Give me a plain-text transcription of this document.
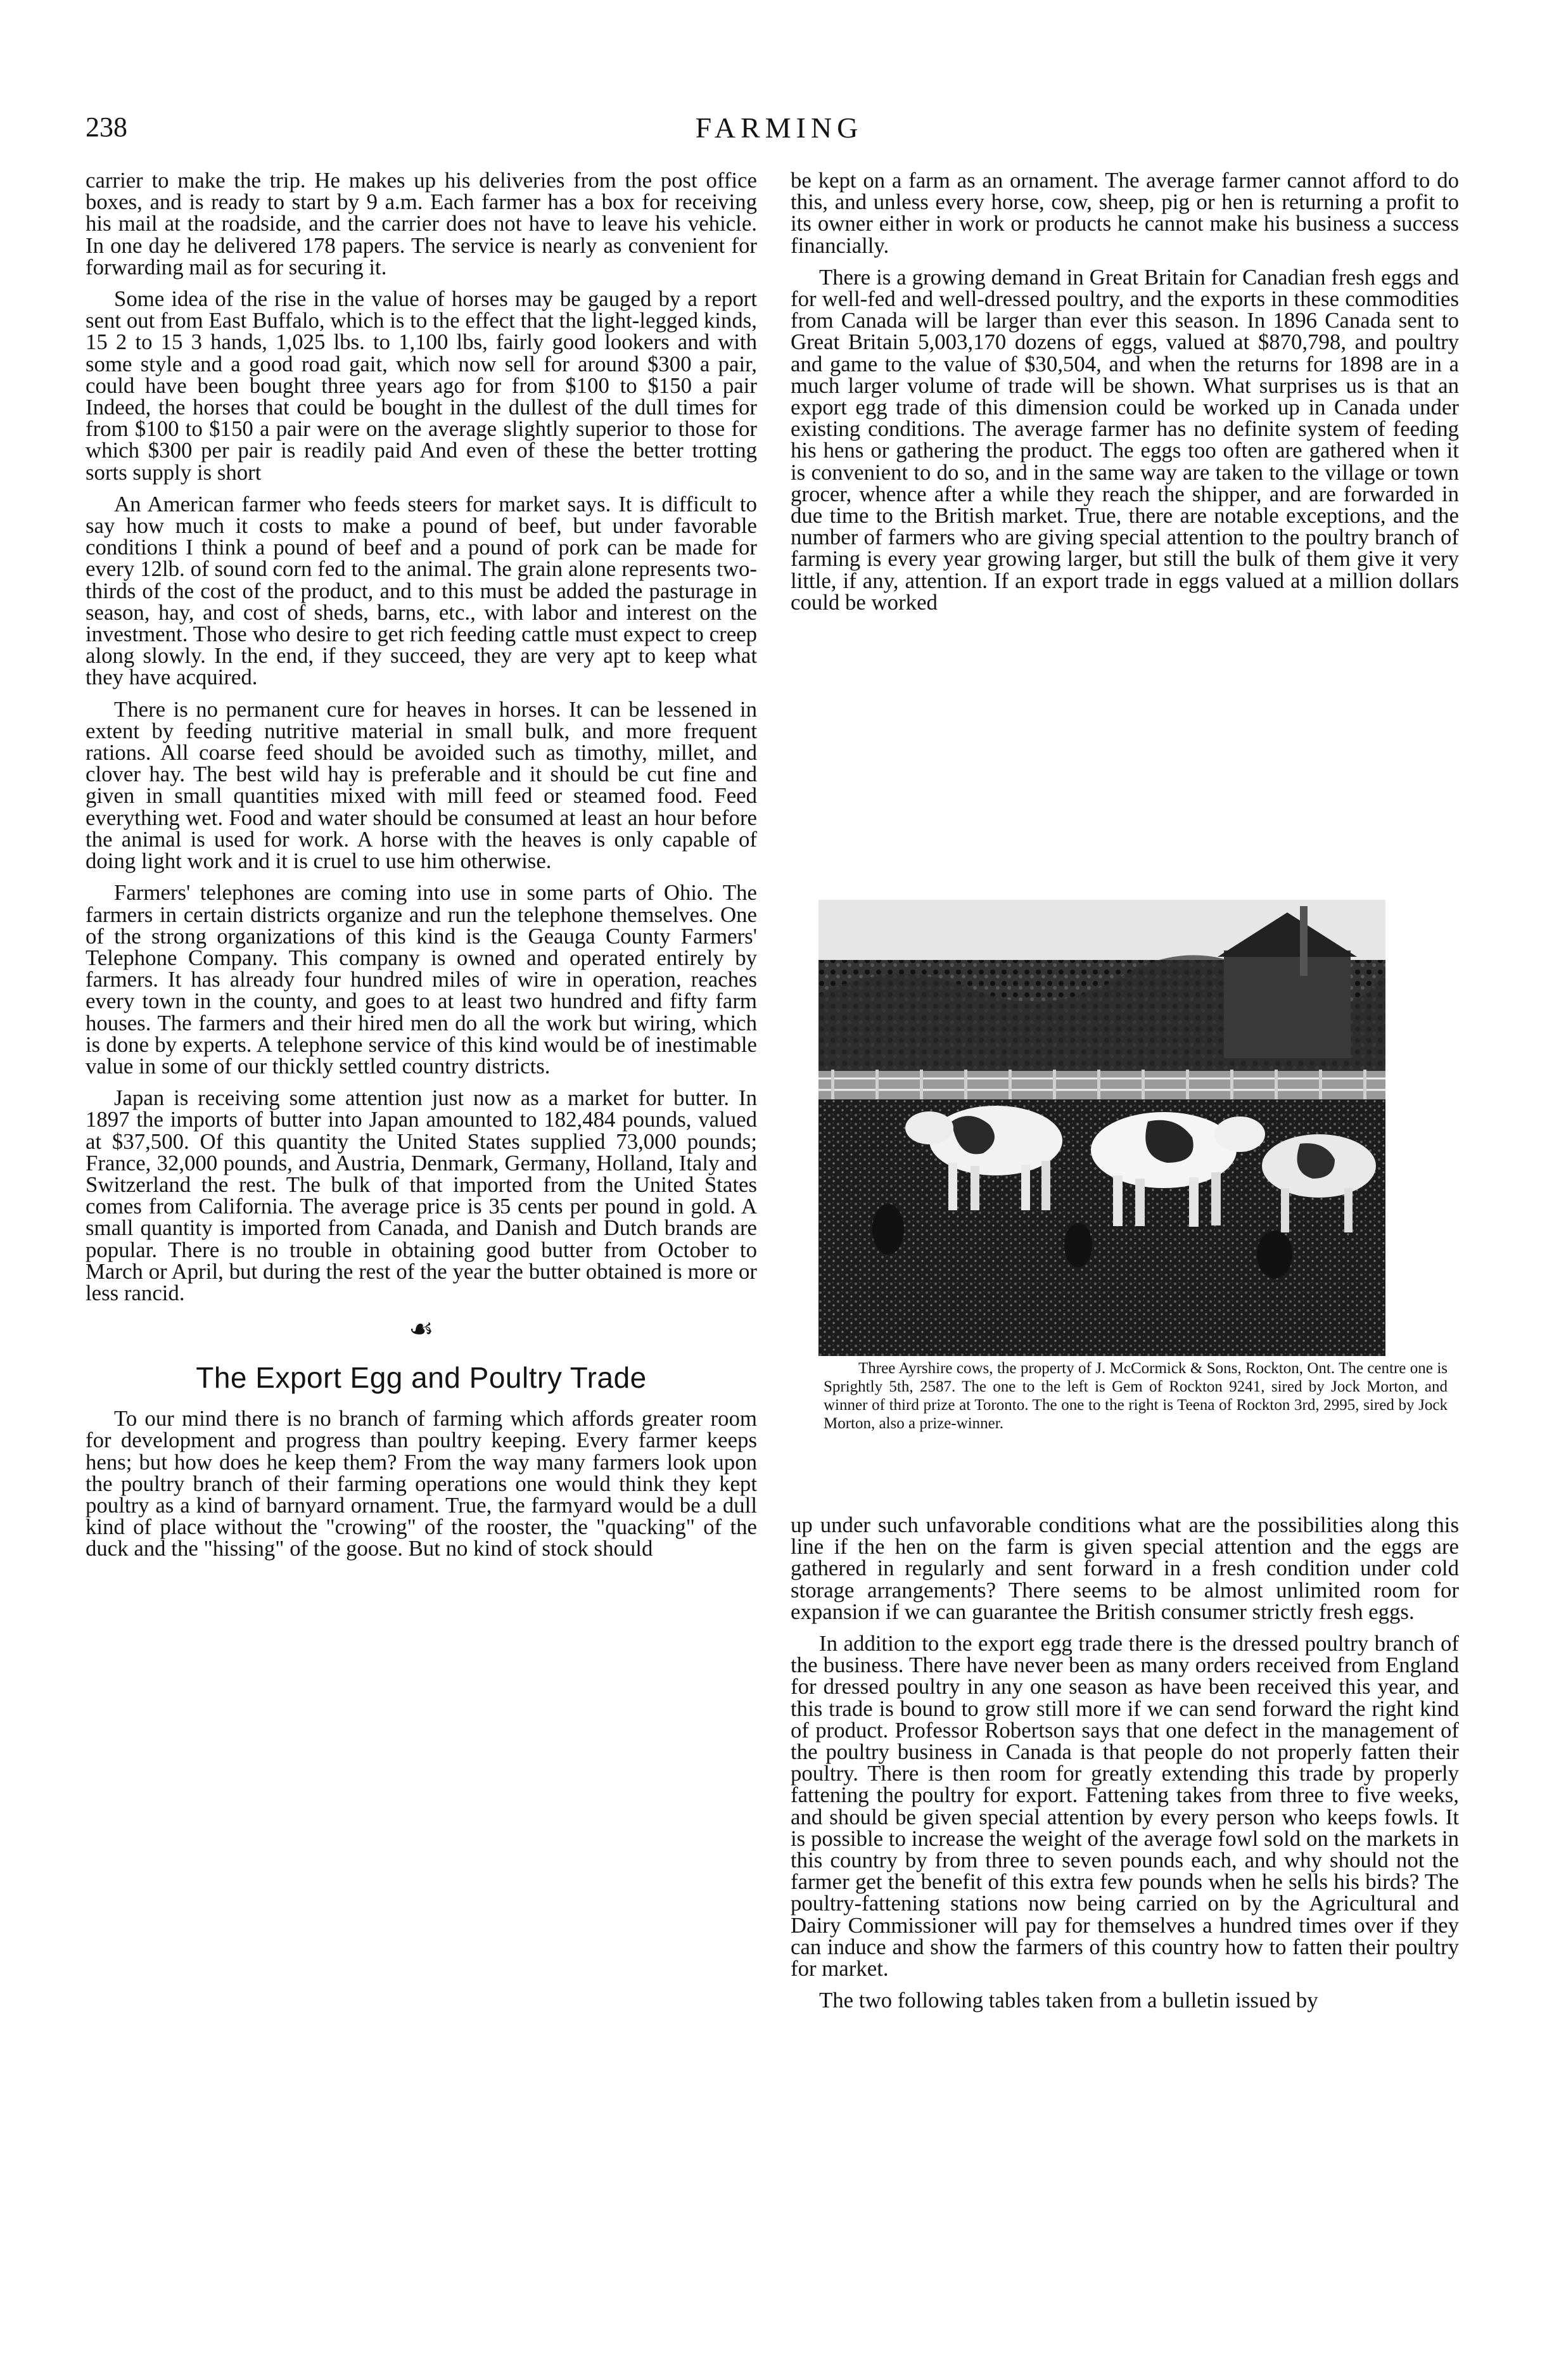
238	FARMING

carrier to make the trip. He makes up his deliveries from the post office boxes, and is ready to start by 9 a.m. Each farmer has a box for receiving his mail at the roadside, and the carrier does not have to leave his vehicle. In one day he delivered 178 papers. The service is nearly as convenient for forwarding mail as for securing it.

Some idea of the rise in the value of horses may be gauged by a report sent out from East Buffalo, which is to the effect that the light-legged kinds, 15 2 to 15 3 hands, 1,025 lbs. to 1,100 lbs, fairly good lookers and with some style and a good road gait, which now sell for around $300 a pair, could have been bought three years ago for from $100 to $150 a pair Indeed, the horses that could be bought in the dullest of the dull times for from $100 to $150 a pair were on the average slightly superior to those for which $300 per pair is readily paid And even of these the better trotting sorts supply is short

An American farmer who feeds steers for market says. It is difficult to say how much it costs to make a pound of beef, but under favorable conditions I think a pound of beef and a pound of pork can be made for every 12lb. of sound corn fed to the animal. The grain alone represents two-thirds of the cost of the product, and to this must be added the pasturage in season, hay, and cost of sheds, barns, etc., with labor and interest on the investment. Those who desire to get rich feeding cattle must expect to creep along slowly. In the end, if they succeed, they are very apt to keep what they have acquired.

There is no permanent cure for heaves in horses. It can be lessened in extent by feeding nutritive material in small bulk, and more frequent rations. All coarse feed should be avoided such as timothy, millet, and clover hay. The best wild hay is preferable and it should be cut fine and given in small quantities mixed with mill feed or steamed food. Feed everything wet. Food and water should be consumed at least an hour before the animal is used for work. A horse with the heaves is only capable of doing light work and it is cruel to use him otherwise.

Farmers' telephones are coming into use in some parts of Ohio. The farmers in certain districts organize and run the telephone themselves. One of the strong organizations of this kind is the Geauga County Farmers' Telephone Company. This company is owned and operated entirely by farmers. It has already four hundred miles of wire in operation, reaches every town in the county, and goes to at least two hundred and fifty farm houses. The farmers and their hired men do all the work but wiring, which is done by experts. A telephone service of this kind would be of inestimable value in some of our thickly settled country districts.

Japan is receiving some attention just now as a market for butter. In 1897 the imports of butter into Japan amounted to 182,484 pounds, valued at $37,500. Of this quantity the United States supplied 73,000 pounds; France, 32,000 pounds, and Austria, Denmark, Germany, Holland, Italy and Switzerland the rest. The bulk of that imported from the United States comes from California. The average price is 35 cents per pound in gold. A small quantity is imported from Canada, and Danish and Dutch brands are popular. There is no trouble in obtaining good butter from October to March or April, but during the rest of the year the butter obtained is more or less rancid.

☙
The Export Egg and Poultry Trade

To our mind there is no branch of farming which affords greater room for development and progress than poultry keeping. Every farmer keeps hens; but how does he keep them? From the way many farmers look upon the poultry branch of their farming operations one would think they kept poultry as a kind of barnyard ornament. True, the farmyard would be a dull kind of place without the "crowing" of the rooster, the "quacking" of the duck and the "hissing" of the goose. But no kind of stock should

be kept on a farm as an ornament. The average farmer cannot afford to do this, and unless every horse, cow, sheep, pig or hen is returning a profit to its owner either in work or products he cannot make his business a success financially.

There is a growing demand in Great Britain for Canadian fresh eggs and for well-fed and well-dressed poultry, and the exports in these commodities from Canada will be larger than ever this season. In 1896 Canada sent to Great Britain 5,003,170 dozens of eggs, valued at $870,798, and poultry and game to the value of $30,504, and when the returns for 1898 are in a much larger volume of trade will be shown. What surprises us is that an export egg trade of this dimension could be worked up in Canada under existing conditions. The average farmer has no definite system of feeding his hens or gathering the product. The eggs too often are gathered when it is convenient to do so, and in the same way are taken to the village or town grocer, whence after a while they reach the shipper, and are forwarded in due time to the British market. True, there are notable exceptions, and the number of farmers who are giving special attention to the poultry branch of farming is every year growing larger, but still the bulk of them give it very little, if any, attention. If an export trade in eggs valued at a million dollars could be worked

Three Ayrshire cows, the property of J. McCormick & Sons, Rockton, Ont. The centre one is Sprightly 5th, 2587. The one to the left is Gem of Rockton 9241, sired by Jock Morton, and winner of third prize at Toronto. The one to the right is Teena of Rockton 3rd, 2995, sired by Jock Morton, also a prize-winner.

up under such unfavorable conditions what are the possibilities along this line if the hen on the farm is given special attention and the eggs are gathered in regularly and sent forward in a fresh condition under cold storage arrangements? There seems to be almost unlimited room for expansion if we can guarantee the British consumer strictly fresh eggs.

In addition to the export egg trade there is the dressed poultry branch of the business. There have never been as many orders received from England for dressed poultry in any one season as have been received this year, and this trade is bound to grow still more if we can send forward the right kind of product. Professor Robertson says that one defect in the management of the poultry business in Canada is that people do not properly fatten their poultry. There is then room for greatly extending this trade by properly fattening the poultry for export. Fattening takes from three to five weeks, and should be given special attention by every person who keeps fowls. It is possible to increase the weight of the average fowl sold on the markets in this country by from three to seven pounds each, and why should not the farmer get the benefit of this extra few pounds when he sells his birds? The poultry-fattening stations now being carried on by the Agricultural and Dairy Commissioner will pay for themselves a hundred times over if they can induce and show the farmers of this country how to fatten their poultry for market.

The two following tables taken from a bulletin issued by
